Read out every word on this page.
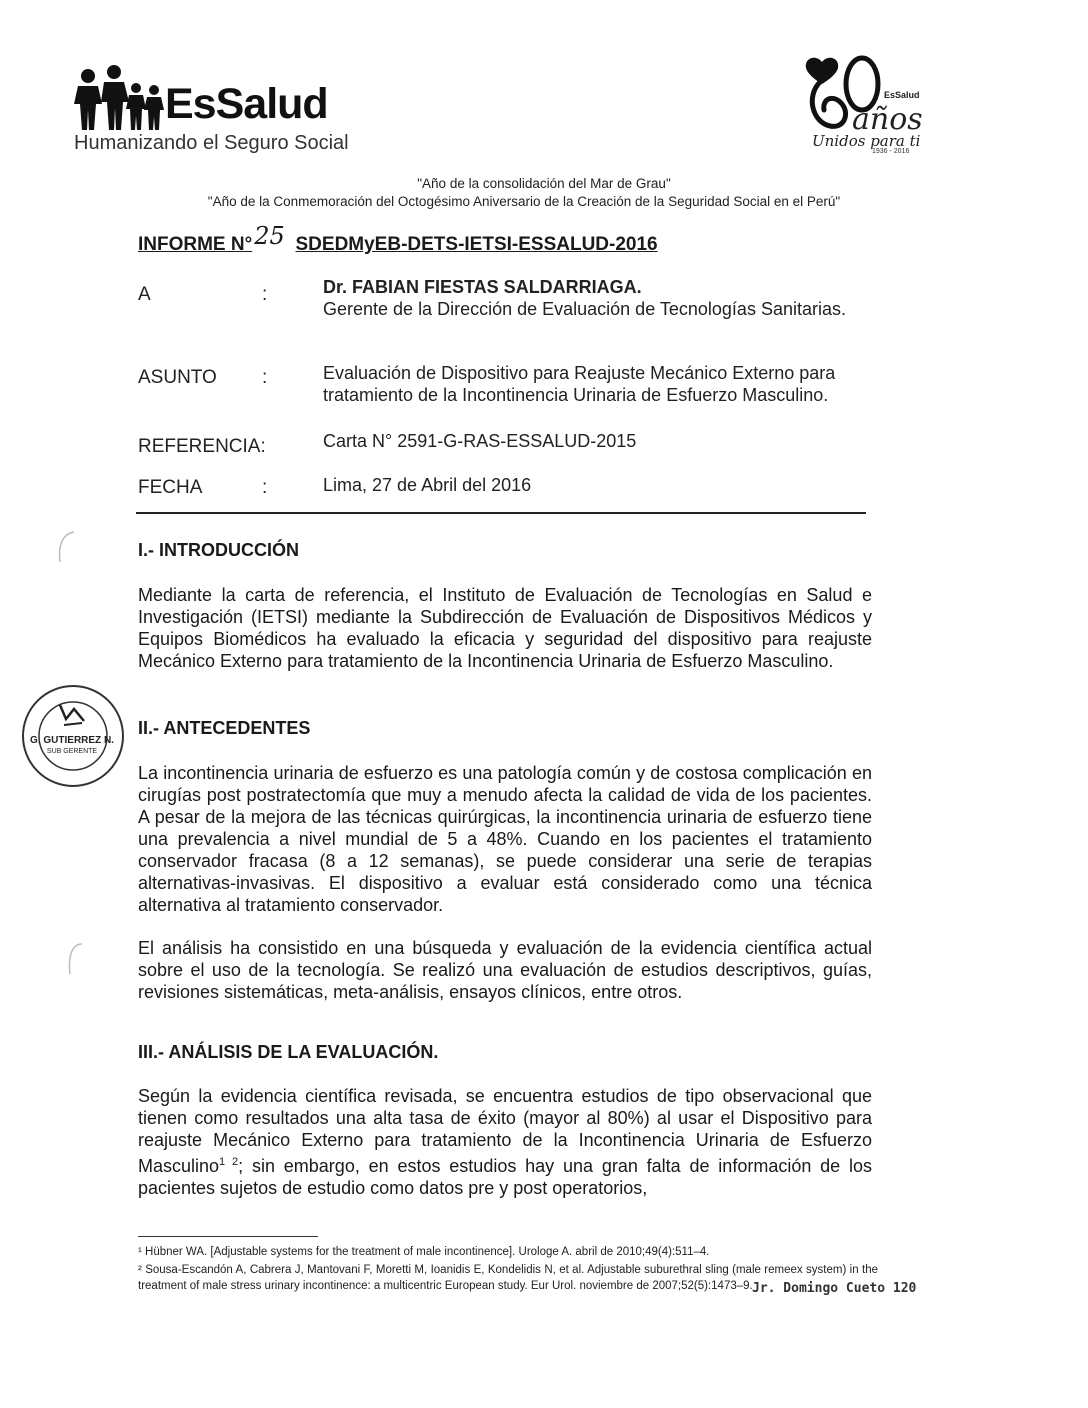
EsSalud
Humanizando el Seguro Social
EsSalud
años
Unidos para ti
1936 - 2016
"Año de la consolidación del Mar de Grau"
"Año de la Conmemoración del Octogésimo Aniversario de la Creación de la Seguridad Social en el Perú"
INFORME N°25 SDEDMyEB-DETS-IETSI-ESSALUD-2016
A	:	Dr. FABIAN FIESTAS SALDARRIAGA.
Gerente de la Dirección de Evaluación de Tecnologías Sanitarias.
ASUNTO :	Evaluación de Dispositivo para Reajuste Mecánico Externo para tratamiento de la Incontinencia Urinaria de Esfuerzo Masculino.
REFERENCIA:	Carta N° 2591-G-RAS-ESSALUD-2015
FECHA	:	Lima, 27 de Abril del 2016
I.- INTRODUCCIÓN
Mediante la carta de referencia, el Instituto de Evaluación de Tecnologías en Salud e Investigación (IETSI) mediante la Subdirección de Evaluación de Dispositivos Médicos y Equipos Biomédicos ha evaluado la eficacia y seguridad del dispositivo para reajuste Mecánico Externo para tratamiento de la Incontinencia Urinaria de Esfuerzo Masculino.
II.- ANTECEDENTES
La incontinencia urinaria de esfuerzo es una patología común y de costosa complicación en cirugías post postratectomía que muy a menudo afecta la calidad de vida de los pacientes. A pesar de la mejora de las técnicas quirúrgicas, la incontinencia urinaria de esfuerzo tiene una prevalencia a nivel mundial de 5 a 48%. Cuando en los pacientes el tratamiento conservador fracasa (8 a 12 semanas), se puede considerar una serie de terapias alternativas-invasivas. El dispositivo a evaluar está considerado como una técnica alternativa al tratamiento conservador.
El análisis ha consistido en una búsqueda y evaluación de la evidencia científica actual sobre el uso de la tecnología. Se realizó una evaluación de estudios descriptivos, guías, revisiones sistemáticas, meta-análisis, ensayos clínicos, entre otros.
III.- ANÁLISIS DE LA EVALUACIÓN.
Según la evidencia científica revisada, se encuentra estudios de tipo observacional que tienen como resultados una alta tasa de éxito (mayor al 80%) al usar el Dispositivo para reajuste Mecánico Externo para tratamiento de la Incontinencia Urinaria de Esfuerzo Masculino$^{1 2}$; sin embargo, en estos estudios hay una gran falta de información de los pacientes sujetos de estudio como datos pre y post operatorios,
¹ Hübner WA. [Adjustable systems for the treatment of male incontinence]. Urologe A. abril de 2010;49(4):511–4.
² Sousa-Escandón A, Cabrera J, Mantovani F, Moretti M, Ioanidis E, Kondelidis N, et al. Adjustable suburethral sling (male remeex system) in the treatment of male stress urinary incontinence: a multicentric European study. Eur Urol. noviembre de 2007;52(5):1473–9. Jr. Domingo Cueto 120
G. GUTIERREZ N.
SUB GERENTE
